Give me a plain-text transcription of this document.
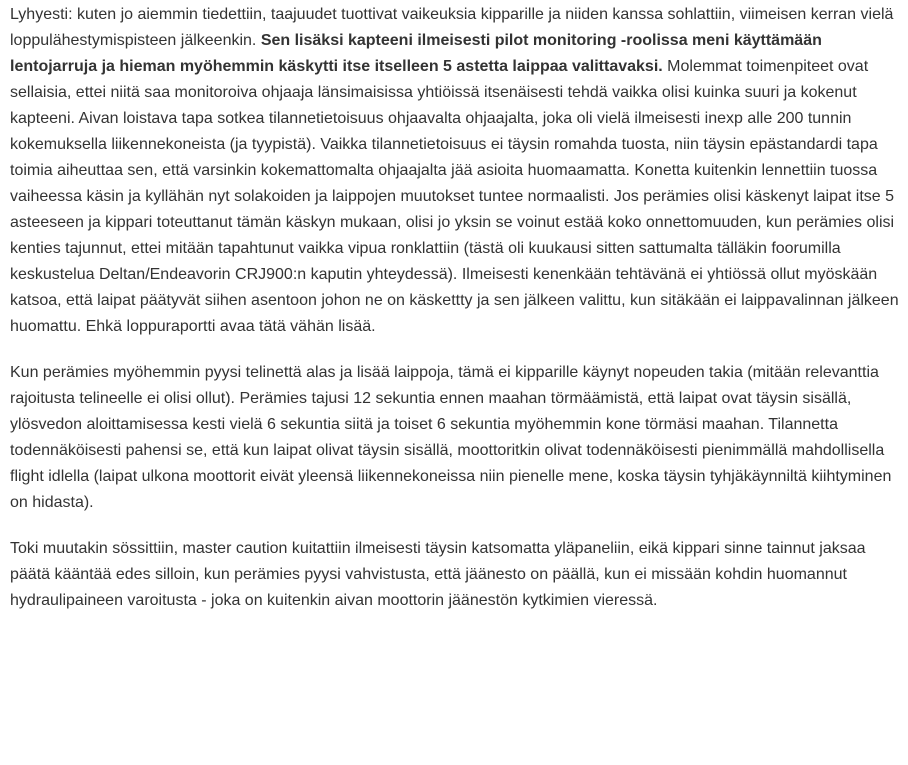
Lyhyesti: kuten jo aiemmin tiedettiin, taajuudet tuottivat vaikeuksia kipparille ja niiden kanssa sohlattiin, viimeisen kerran vielä loppulähestymispisteen jälkeenkin. Sen lisäksi kapteeni ilmeisesti pilot monitoring -roolissa meni käyttämään lentojarruja ja hieman myöhemmin käskytti itse itselleen 5 astetta laippaa valittavaksi. Molemmat toimenpiteet ovat sellaisia, ettei niitä saa monitoroiva ohjaaja länsimaisissa yhtiöissä itsenäisesti tehdä vaikka olisi kuinka suuri ja kokenut kapteeni. Aivan loistava tapa sotkea tilannetietoisuus ohjaavalta ohjaajalta, joka oli vielä ilmeisesti inexp alle 200 tunnin kokemuksella liikennekoneista (ja tyypistä). Vaikka tilannetietoisuus ei täysin romahda tuosta, niin täysin epästandardi tapa toimia aiheuttaa sen, että varsinkin kokemattomalta ohjaajalta jää asioita huomaamatta. Konetta kuitenkin lennettiin tuossa vaiheessa käsin ja kyllähän nyt solakoiden ja laippojen muutokset tuntee normaalisti. Jos perämies olisi käskenyt laipat itse 5 asteeseen ja kippari toteuttanut tämän käskyn mukaan, olisi jo yksin se voinut estää koko onnettomuuden, kun perämies olisi kenties tajunnut, ettei mitään tapahtunut vaikka vipua ronklattiin (tästä oli kuukausi sitten sattumalta tälläkin foorumilla keskustelua Deltan/Endeavorin CRJ900:n kaputin yhteydessä). Ilmeisesti kenenkään tehtävänä ei yhtiössä ollut myöskään katsoa, että laipat päätyvät siihen asentoon johon ne on käskettty ja sen jälkeen valittu, kun sitäkään ei laippavalinnan jälkeen huomattu. Ehkä loppuraportti avaa tätä vähän lisää.

Kun perämies myöhemmin pyysi telinettä alas ja lisää laippoja, tämä ei kipparille käynyt nopeuden takia (mitään relevanttia rajoitusta telineelle ei olisi ollut). Perämies tajusi 12 sekuntia ennen maahan törmäämistä, että laipat ovat täysin sisällä, ylösvedon aloittamisessa kesti vielä 6 sekuntia siitä ja toiset 6 sekuntia myöhemmin kone törmäsi maahan. Tilannetta todennäköisesti pahensi se, että kun laipat olivat täysin sisällä, moottoritkin olivat todennäköisesti pienimmällä mahdollisella flight idlella (laipat ulkona moottorit eivät yleensä liikennekoneissa niin pienelle mene, koska täysin tyhjäkäynniltä kiihtyminen on hidasta).

Toki muutakin sössittiin, master caution kuitattiin ilmeisesti täysin katsomatta yläpaneliin, eikä kippari sinne tainnut jaksaa päätä kääntää edes silloin, kun perämies pyysi vahvistusta, että jäänesto on päällä, kun ei missään kohdin huomannut hydraulipaineen varoitusta - joka on kuitenkin aivan moottorin jäänestön kytkimien vieressä.
